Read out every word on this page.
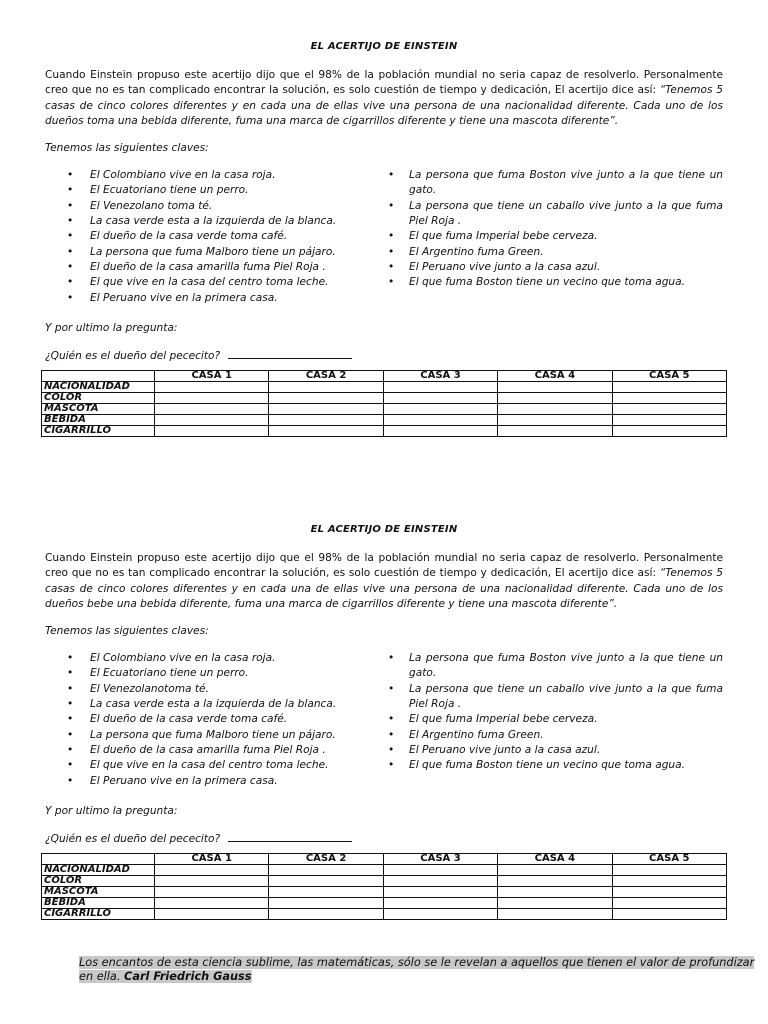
EL ACERTIJO DE EINSTEIN
Cuando Einstein propuso este acertijo dijo que el 98% de la población mundial no seria capaz de resolverlo. Personalmente creo que no es tan complicado encontrar la solución, es solo cuestión de tiempo y dedicación, El acertijo dice así: “Tenemos 5 casas de cinco colores diferentes y en cada una de ellas vive una persona de una nacionalidad diferente. Cada uno de los dueños toma una bebida diferente, fuma una marca de cigarrillos diferente y tiene una mascota diferente”.
Tenemos las siguientes claves:
• El Colombiano vive en la casa roja.
• El Ecuatoriano tiene un perro.
• El Venezolano toma té.
• La casa verde esta a la izquierda de la blanca.
• El dueño de la casa verde toma café.
• La persona que fuma Malboro tiene un pájaro.
• El dueño de la casa amarilla fuma Piel Roja .
• El que vive en la casa del centro toma leche.
• El Peruano vive en la primera casa.
• La persona que fuma Boston vive junto a la que tiene un gato.
• La persona que tiene un caballo vive junto a la que fuma Piel Roja .
• El que fuma Imperial bebe cerveza.
• El Argentino fuma Green.
• El Peruano vive junto a la casa azul.
• El que fuma Boston tiene un vecino que toma agua.
Y por ultimo la pregunta:
¿Quién es el dueño del pececito?
	CASA 1	CASA 2	CASA 3	CASA 4	CASA 5
NACIONALIDAD					
COLOR					
MASCOTA					
BEBIDA					
CIGARRILLO					
EL ACERTIJO DE EINSTEIN
Cuando Einstein propuso este acertijo dijo que el 98% de la población mundial no seria capaz de resolverlo. Personalmente creo que no es tan complicado encontrar la solución, es solo cuestión de tiempo y dedicación, El acertijo dice así: “Tenemos 5 casas de cinco colores diferentes y en cada una de ellas vive una persona de una nacionalidad diferente. Cada uno de los dueños bebe una bebida diferente, fuma una marca de cigarrillos diferente y tiene una mascota diferente”.
Tenemos las siguientes claves:
• El Colombiano vive en la casa roja.
• El Ecuatoriano tiene un perro.
• El Venezolanotoma té.
• La casa verde esta a la izquierda de la blanca.
• El dueño de la casa verde toma café.
• La persona que fuma Malboro tiene un pájaro.
• El dueño de la casa amarilla fuma Piel Roja .
• El que vive en la casa del centro toma leche.
• El Peruano vive en la primera casa.
• La persona que fuma Boston vive junto a la que tiene un gato.
• La persona que tiene un caballo vive junto a la que fuma Piel Roja .
• El que fuma Imperial bebe cerveza.
• El Argentino fuma Green.
• El Peruano vive junto a la casa azul.
• El que fuma Boston tiene un vecino que toma agua.
Y por ultimo la pregunta:
¿Quién es el dueño del pececito?
	CASA 1	CASA 2	CASA 3	CASA 4	CASA 5
NACIONALIDAD					
COLOR					
MASCOTA					
BEBIDA					
CIGARRILLO					
Los encantos de esta ciencia sublime, las matemáticas, sólo se le revelan a aquellos que tienen el valor de profundizar en ella. Carl Friedrich Gauss
